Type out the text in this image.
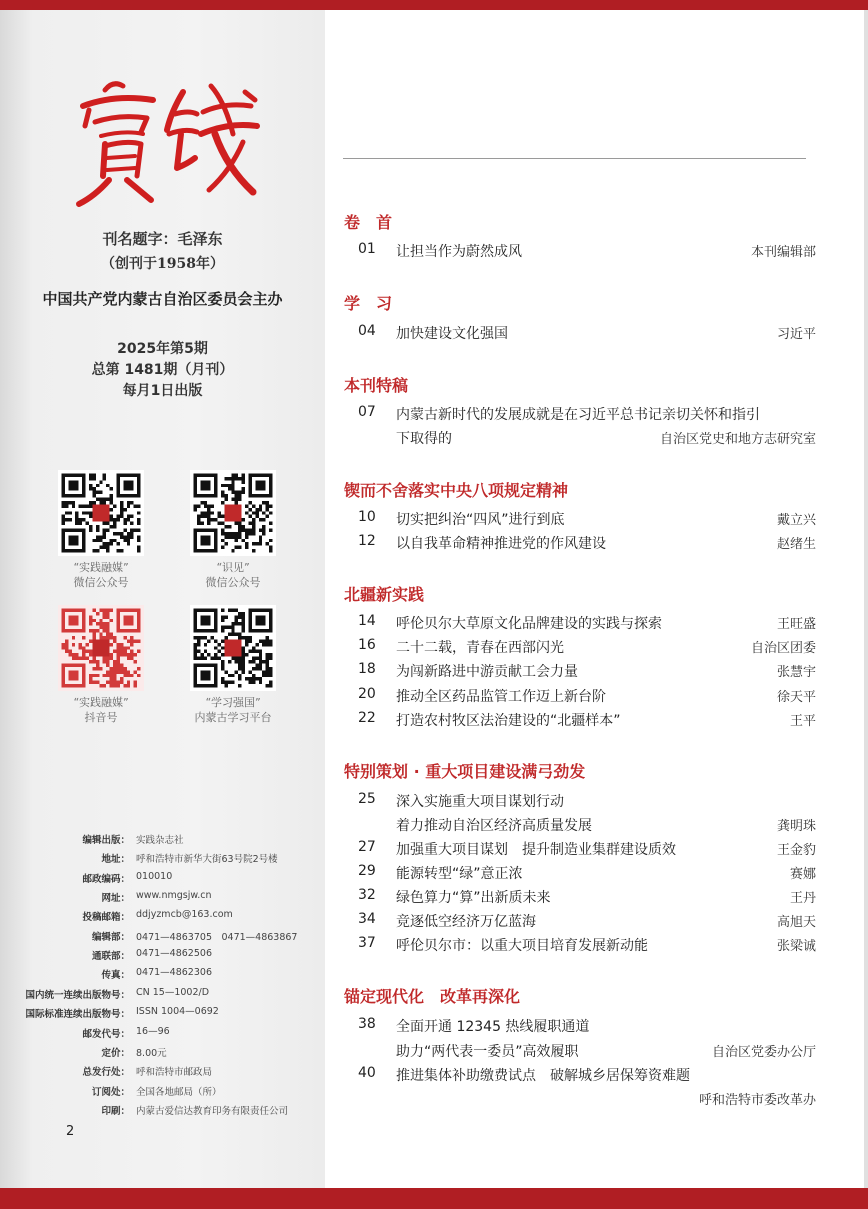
刊名题字：毛泽东
（创刊于1958年）
中国共产党内蒙古自治区委员会主办
2025年第5期
总第 1481期（月刊）
每月1日出版
“实践融媒”
微信公众号
“识见”
微信公众号
“实践融媒”
抖音号
“学习强国”
内蒙古学习平台
编辑出版： 实践杂志社
地址： 呼和浩特市新华大街63号院2号楼
邮政编码： 010010
网址： www.nmgsjw.cn
投稿邮箱： ddjyzmcb@163.com
编辑部： 0471—4863705　0471—4863867
通联部： 0471—4862506
传真： 0471—4862306
国内统一连续出版物号： CN 15—1002/D
国际标准连续出版物号： ISSN 1004—0692
邮发代号： 16—96
定价： 8.00元
总发行处： 呼和浩特市邮政局
订阅处： 全国各地邮局（所）
印刷： 内蒙古爱信达教育印务有限责任公司
2
卷　首
01	让担当作为蔚然成风	本刊编辑部
学　习
04	加快建设文化强国	习近平
本刊特稿
07	内蒙古新时代的发展成就是在习近平总书记亲切关怀和指引
下取得的	自治区党史和地方志研究室
锲而不舍落实中央八项规定精神
10	切实把纠治“四风”进行到底	戴立兴
12	以自我革命精神推进党的作风建设	赵绪生
北疆新实践
14	呼伦贝尔大草原文化品牌建设的实践与探索	王旺盛
16	二十二载，青春在西部闪光	自治区团委
18	为闯新路进中游贡献工会力量	张慧宇
20	推动全区药品监管工作迈上新台阶	徐天平
22	打造农村牧区法治建设的“北疆样本”	王平
特别策划 · 重大项目建设满弓劲发
25	深入实施重大项目谋划行动
着力推动自治区经济高质量发展	龚明珠
27	加强重大项目谋划　提升制造业集群建设质效	王金豹
29	能源转型“绿”意正浓	赛娜
32	绿色算力“算”出新质未来	王丹
34	竞逐低空经济万亿蓝海	高旭天
37	呼伦贝尔市：以重大项目培育发展新动能	张梁诚
锚定现代化　改革再深化
38	全面开通 12345 热线履职通道
助力“两代表一委员”高效履职	自治区党委办公厅
40	推进集体补助缴费试点　破解城乡居保筹资难题
呼和浩特市委改革办
